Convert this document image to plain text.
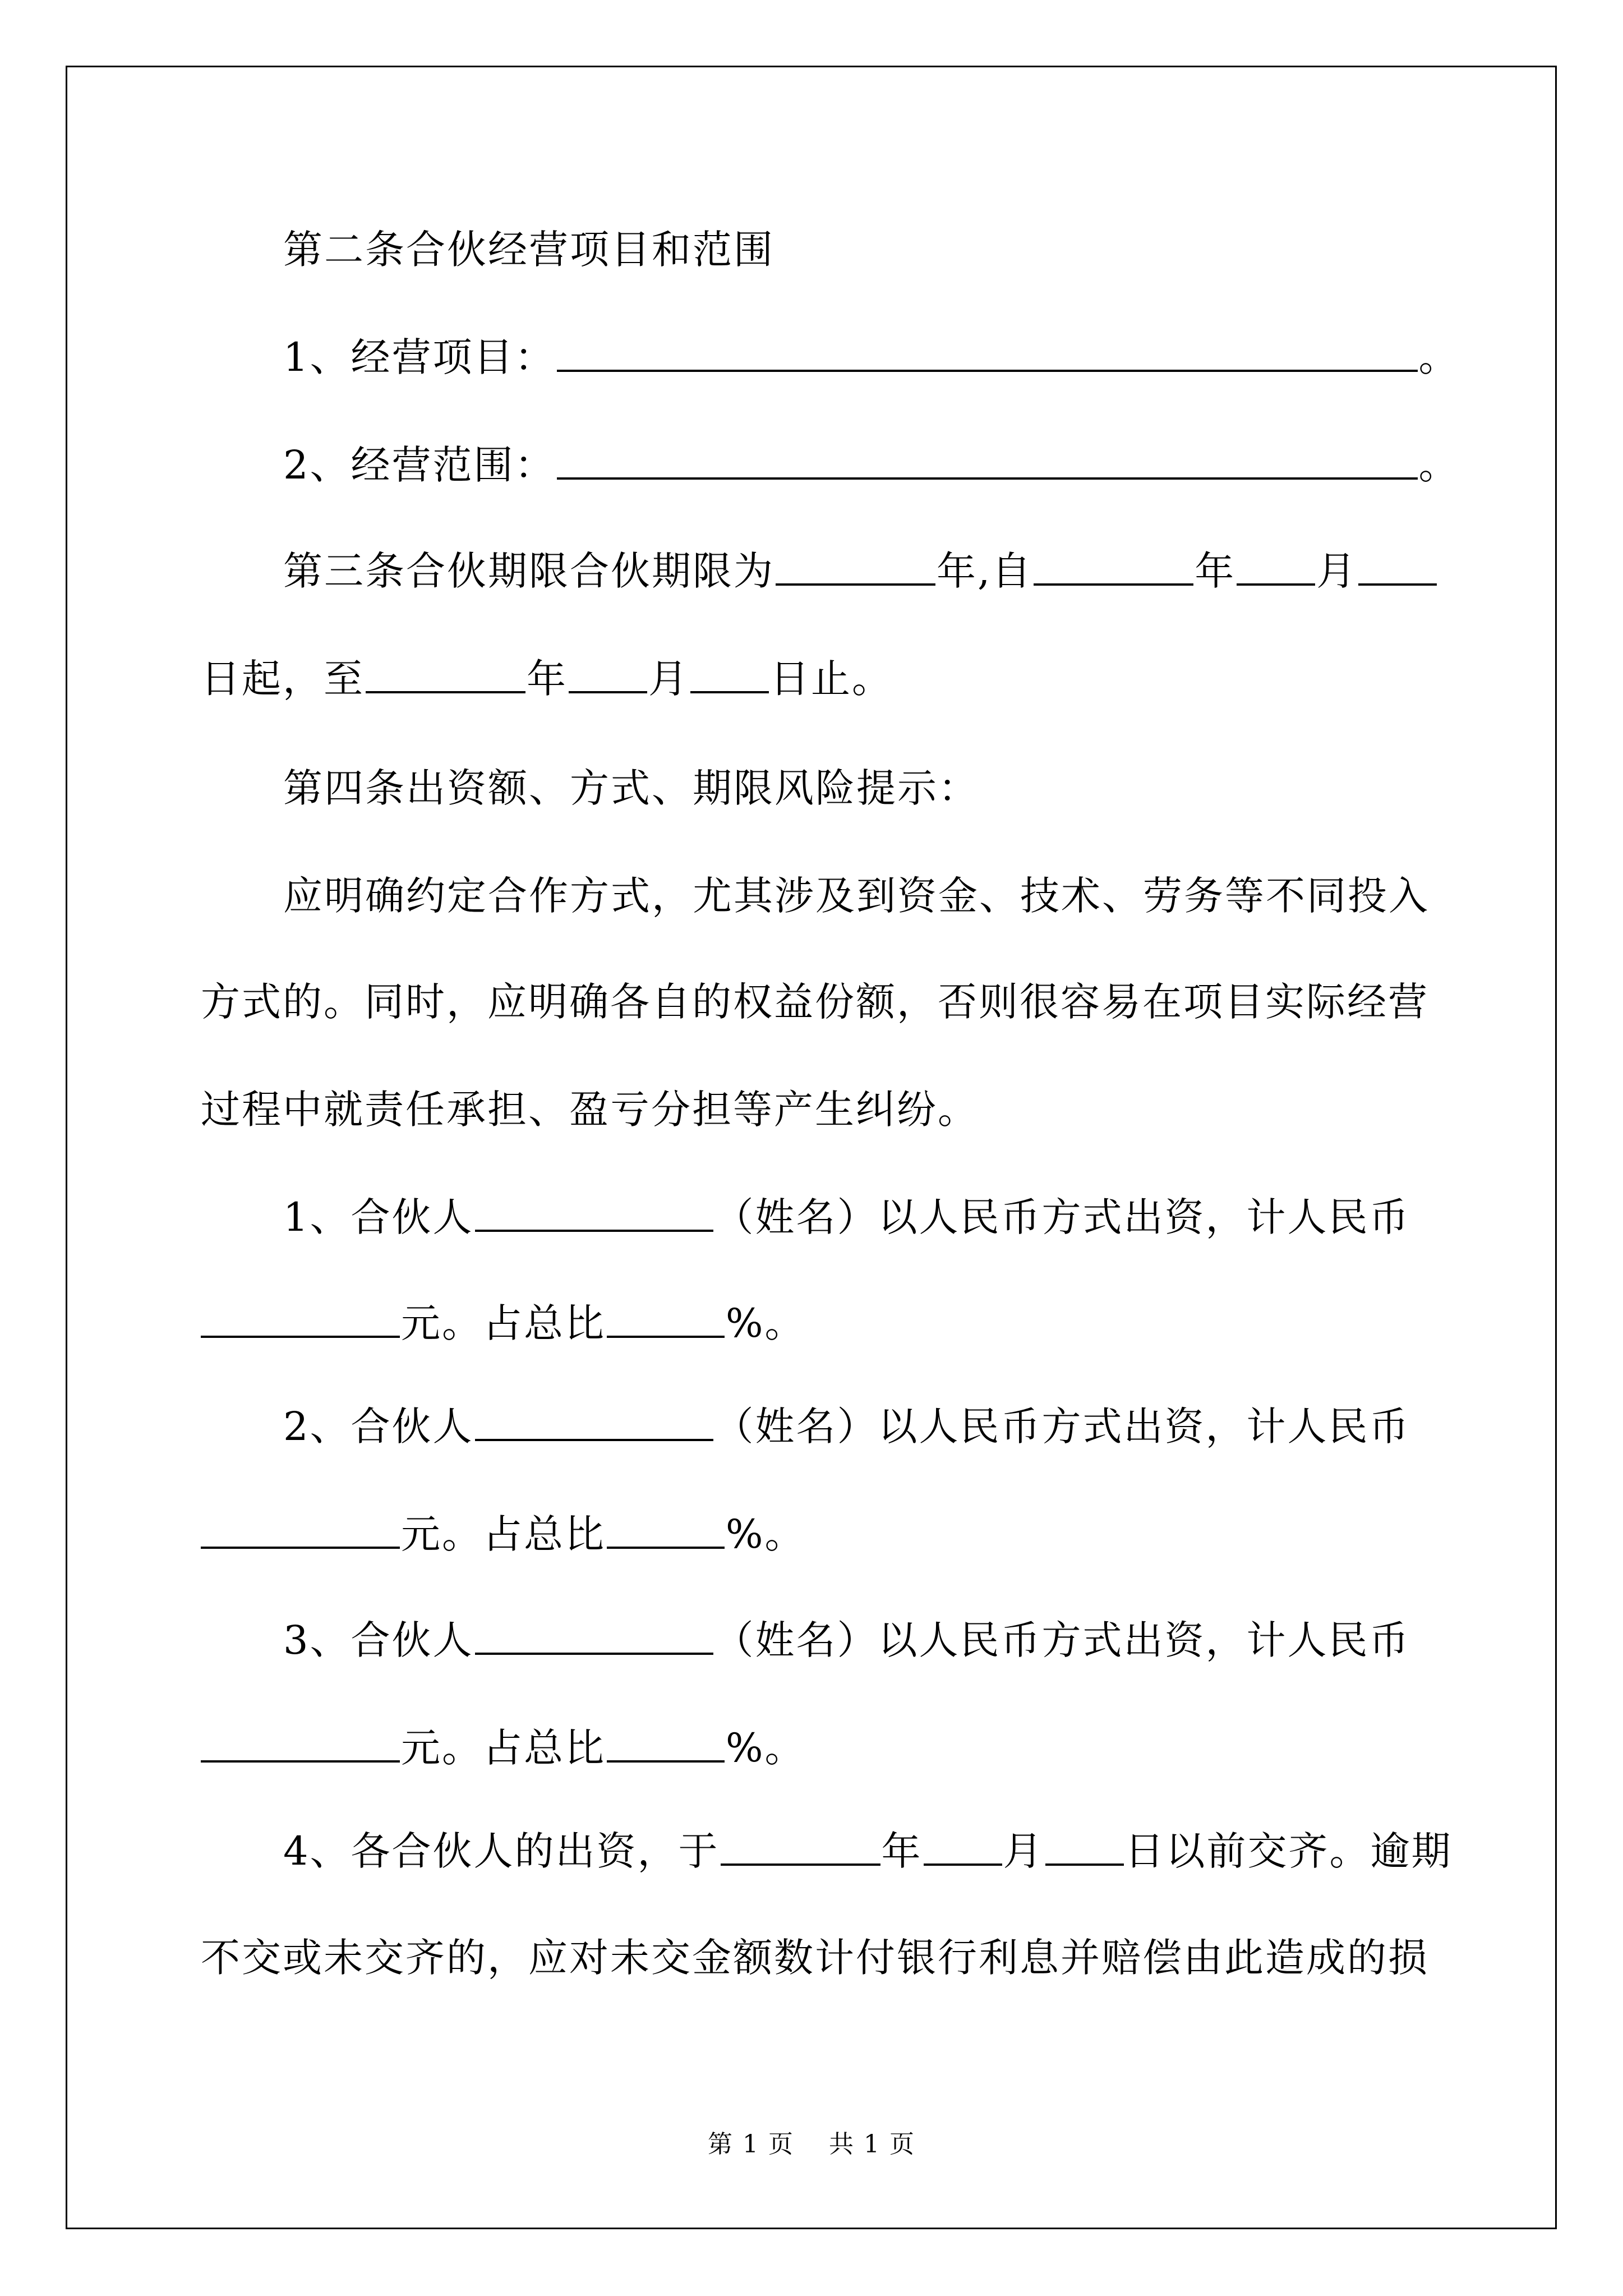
第二条合伙经营项目和范围
1、经营项目：	。
2、经营范围：	。
第三条合伙期限合伙期限为	年,自	年 月
日起，至	年 月 日止。
第四条出资额、方式、期限风险提示：
应明确约定合作方式，尤其涉及到资金、技术、劳务等不同投入
方式的。同时，应明确各自的权益份额，否则很容易在项目实际经营
过程中就责任承担、盈亏分担等产生纠纷。
1、合伙人	（姓名）以人民币方式出资，计人民币
元。占总比	%。
2、合伙人	（姓名）以人民币方式出资，计人民币
元。占总比	%。
3、合伙人	（姓名）以人民币方式出资，计人民币
元。占总比	%。
4、各合伙人的出资，于	年 月 日以前交齐。逾期
不交或未交齐的，应对未交金额数计付银行利息并赔偿由此造成的损
第 1 页　 共 1 页
